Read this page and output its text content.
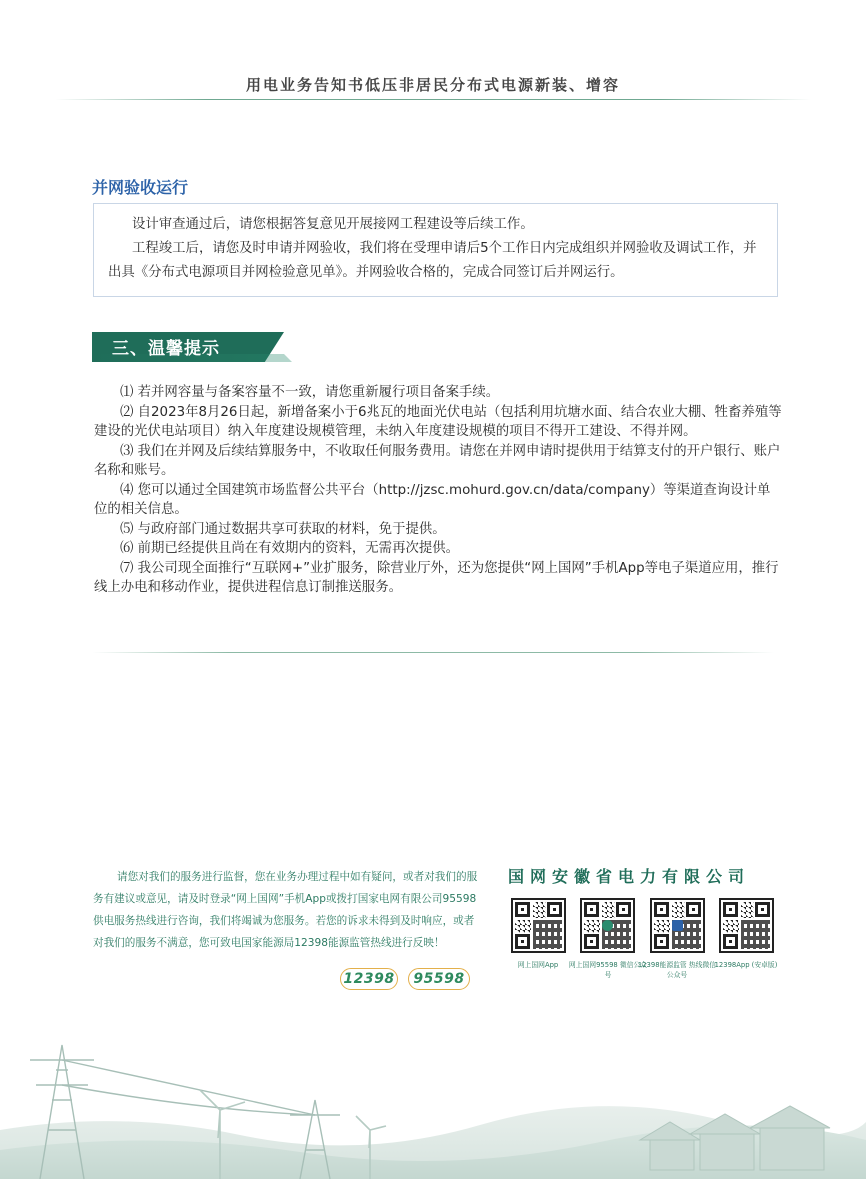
用电业务告知书低压非居民分布式电源新装、增容
并网验收运行

设计审查通过后，请您根据答复意见开展接网工程建设等后续工作。

工程竣工后，请您及时申请并网验收，我们将在受理申请后5个工作日内完成组织并网验收及调试工作，并出具《分布式电源项目并网检验意见单》。并网验收合格的，完成合同签订后并网运行。

三、温馨提示

⑴ 若并网容量与备案容量不一致，请您重新履行项目备案手续。

⑵ 自2023年8月26日起，新增备案小于6兆瓦的地面光伏电站（包括利用坑塘水面、结合农业大棚、牲畜养殖等建设的光伏电站项目）纳入年度建设规模管理，未纳入年度建设规模的项目不得开工建设、不得并网。

⑶ 我们在并网及后续结算服务中，不收取任何服务费用。请您在并网申请时提供用于结算支付的开户银行、账户名称和账号。

⑷ 您可以通过全国建筑市场监督公共平台（http://jzsc.mohurd.gov.cn/data/company）等渠道查询设计单位的相关信息。

⑸ 与政府部门通过数据共享可获取的材料，免于提供。

⑹ 前期已经提供且尚在有效期内的资料，无需再次提供。

⑺ 我公司现全面推行“互联网+”业扩服务，除营业厅外，还为您提供“网上国网”手机App等电子渠道应用，推行线上办电和移动作业，提供进程信息订制推送服务。

请您对我们的服务进行监督，您在业务办理过程中如有疑问，或者对我们的服务有建议或意见，请及时登录“网上国网”手机App或拨打国家电网有限公司95598供电服务热线进行咨询，我们将竭诚为您服务。若您的诉求未得到及时响应，或者对我们的服务不满意，您可致电国家能源局12398能源监管热线进行反映！

12398	95598
国网安徽省电力有限公司
网上国网App	网上国网95598 微信公众号
12398能源监管 热线微信公众号
12398App (安卓版)
